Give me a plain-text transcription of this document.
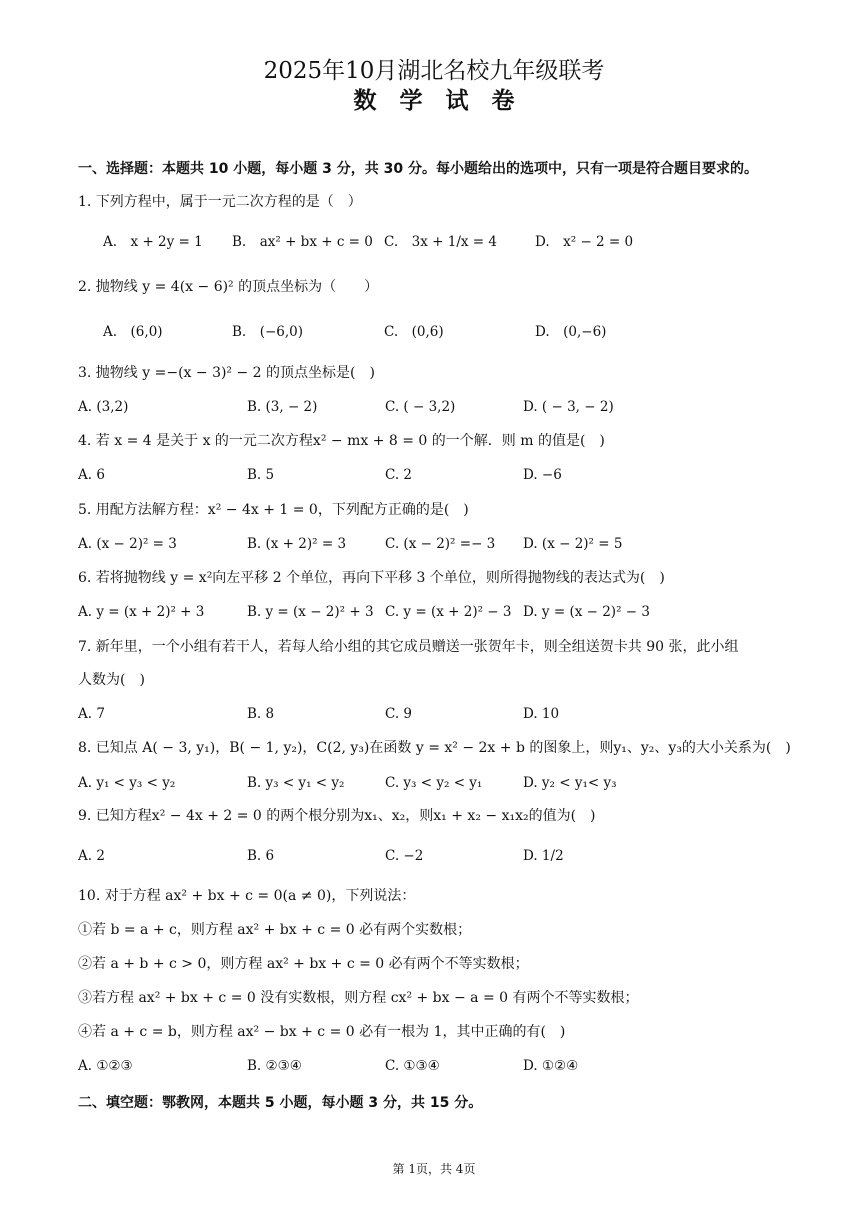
2025年10月湖北名校九年级联考
数学试卷
一、选择题：本题共 10 小题，每小题 3 分，共 30 分。每小题给出的选项中，只有一项是符合题目要求的。
1. 下列方程中，属于一元二次方程的是（　）
A.　x + 2y = 1 B.　ax² + bx + c = 0 C.　3x + 1/x = 4	D.　x² − 2 = 0
2. 抛物线 y = 4(x − 6)² 的顶点坐标为（　　）
A.　(6,0)	B.　(−6,0)	C.　(0,6)	D.　(0,−6)
3. 抛物线 y =−(x − 3)² − 2 的顶点坐标是(　)
A. (3,2)	B. (3, − 2)	C. ( − 3,2)	D. ( − 3, − 2)
4. 若 x = 4 是关于 x 的一元二次方程x² − mx + 8 = 0 的一个解．则 m 的值是(　)
A. 6	B. 5	C. 2	D. −6
5. 用配方法解方程：x² − 4x + 1 = 0，下列配方正确的是(　)
A. (x − 2)² = 3	B. (x + 2)² = 3	C. (x − 2)² =− 3 D. (x − 2)² = 5
6. 若将抛物线 y = x²向左平移 2 个单位，再向下平移 3 个单位，则所得抛物线的表达式为(　)
A. y = (x + 2)² + 3	B. y = (x − 2)² + 3 C. y = (x + 2)² − 3 D. y = (x − 2)² − 3
7. 新年里，一个小组有若干人，若每人给小组的其它成员赠送一张贺年卡，则全组送贺卡共 90 张，此小组
人数为(　)
A. 7	B. 8	C. 9	D. 10
8. 已知点 A( − 3, y₁)，B( − 1, y₂)，C(2, y₃)在函数 y = x² − 2x + b 的图象上，则y₁、y₂、y₃的大小关系为(　)
A. y₁ < y₃ < y₂	B. y₃ < y₁ < y₂	C. y₃ < y₂ < y₁	D. y₂ < y₁< y₃
9. 已知方程x² − 4x + 2 = 0 的两个根分别为x₁、x₂，则x₁ + x₂ − x₁x₂的值为(　)
A. 2	B. 6	C. −2	D. 1/2
10. 对于方程 ax² + bx + c = 0(a ≠ 0)，下列说法：
①若 b = a + c，则方程 ax² + bx + c = 0 必有两个实数根；
②若 a + b + c > 0，则方程 ax² + bx + c = 0 必有两个不等实数根；
③若方程 ax² + bx + c = 0 没有实数根，则方程 cx² + bx − a = 0 有两个不等实数根；
④若 a + c = b，则方程 ax² − bx + c = 0 必有一根为 1，其中正确的有(　)
A. ①②③	B. ②③④	C. ①③④	D. ①②④
二、填空题：鄂教网，本题共 5 小题，每小题 3 分，共 15 分。
第 1页，共 4页
